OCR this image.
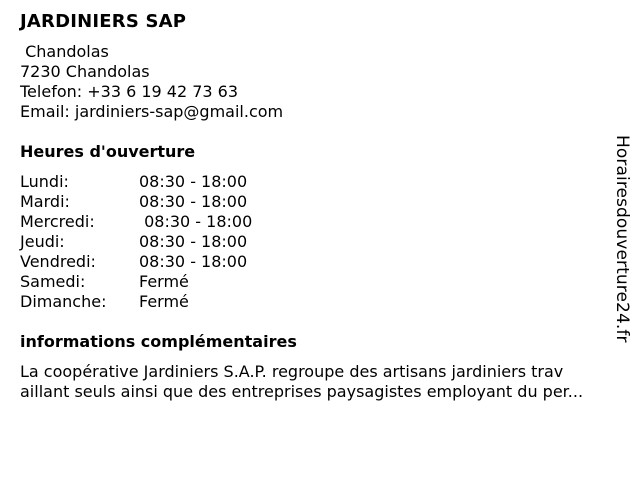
JARDINIERS SAP
Chandolas
7230 Chandolas
Telefon: +33 6 19 42 73 63
Email: jardiniers-sap@gmail.com
Heures d'ouverture
Lundi:	08:30 - 18:00
Mardi:	08:30 - 18:00
Mercredi:	08:30 - 18:00
Jeudi:	08:30 - 18:00
Vendredi:	08:30 - 18:00
Samedi:	Fermé
Dimanche:	Fermé
informations complémentaires
La coopérative Jardiniers S.A.P. regroupe des artisans jardiniers trav
aillant seuls ainsi que des entreprises paysagistes employant du per...
Horairesdouverture24.fr
